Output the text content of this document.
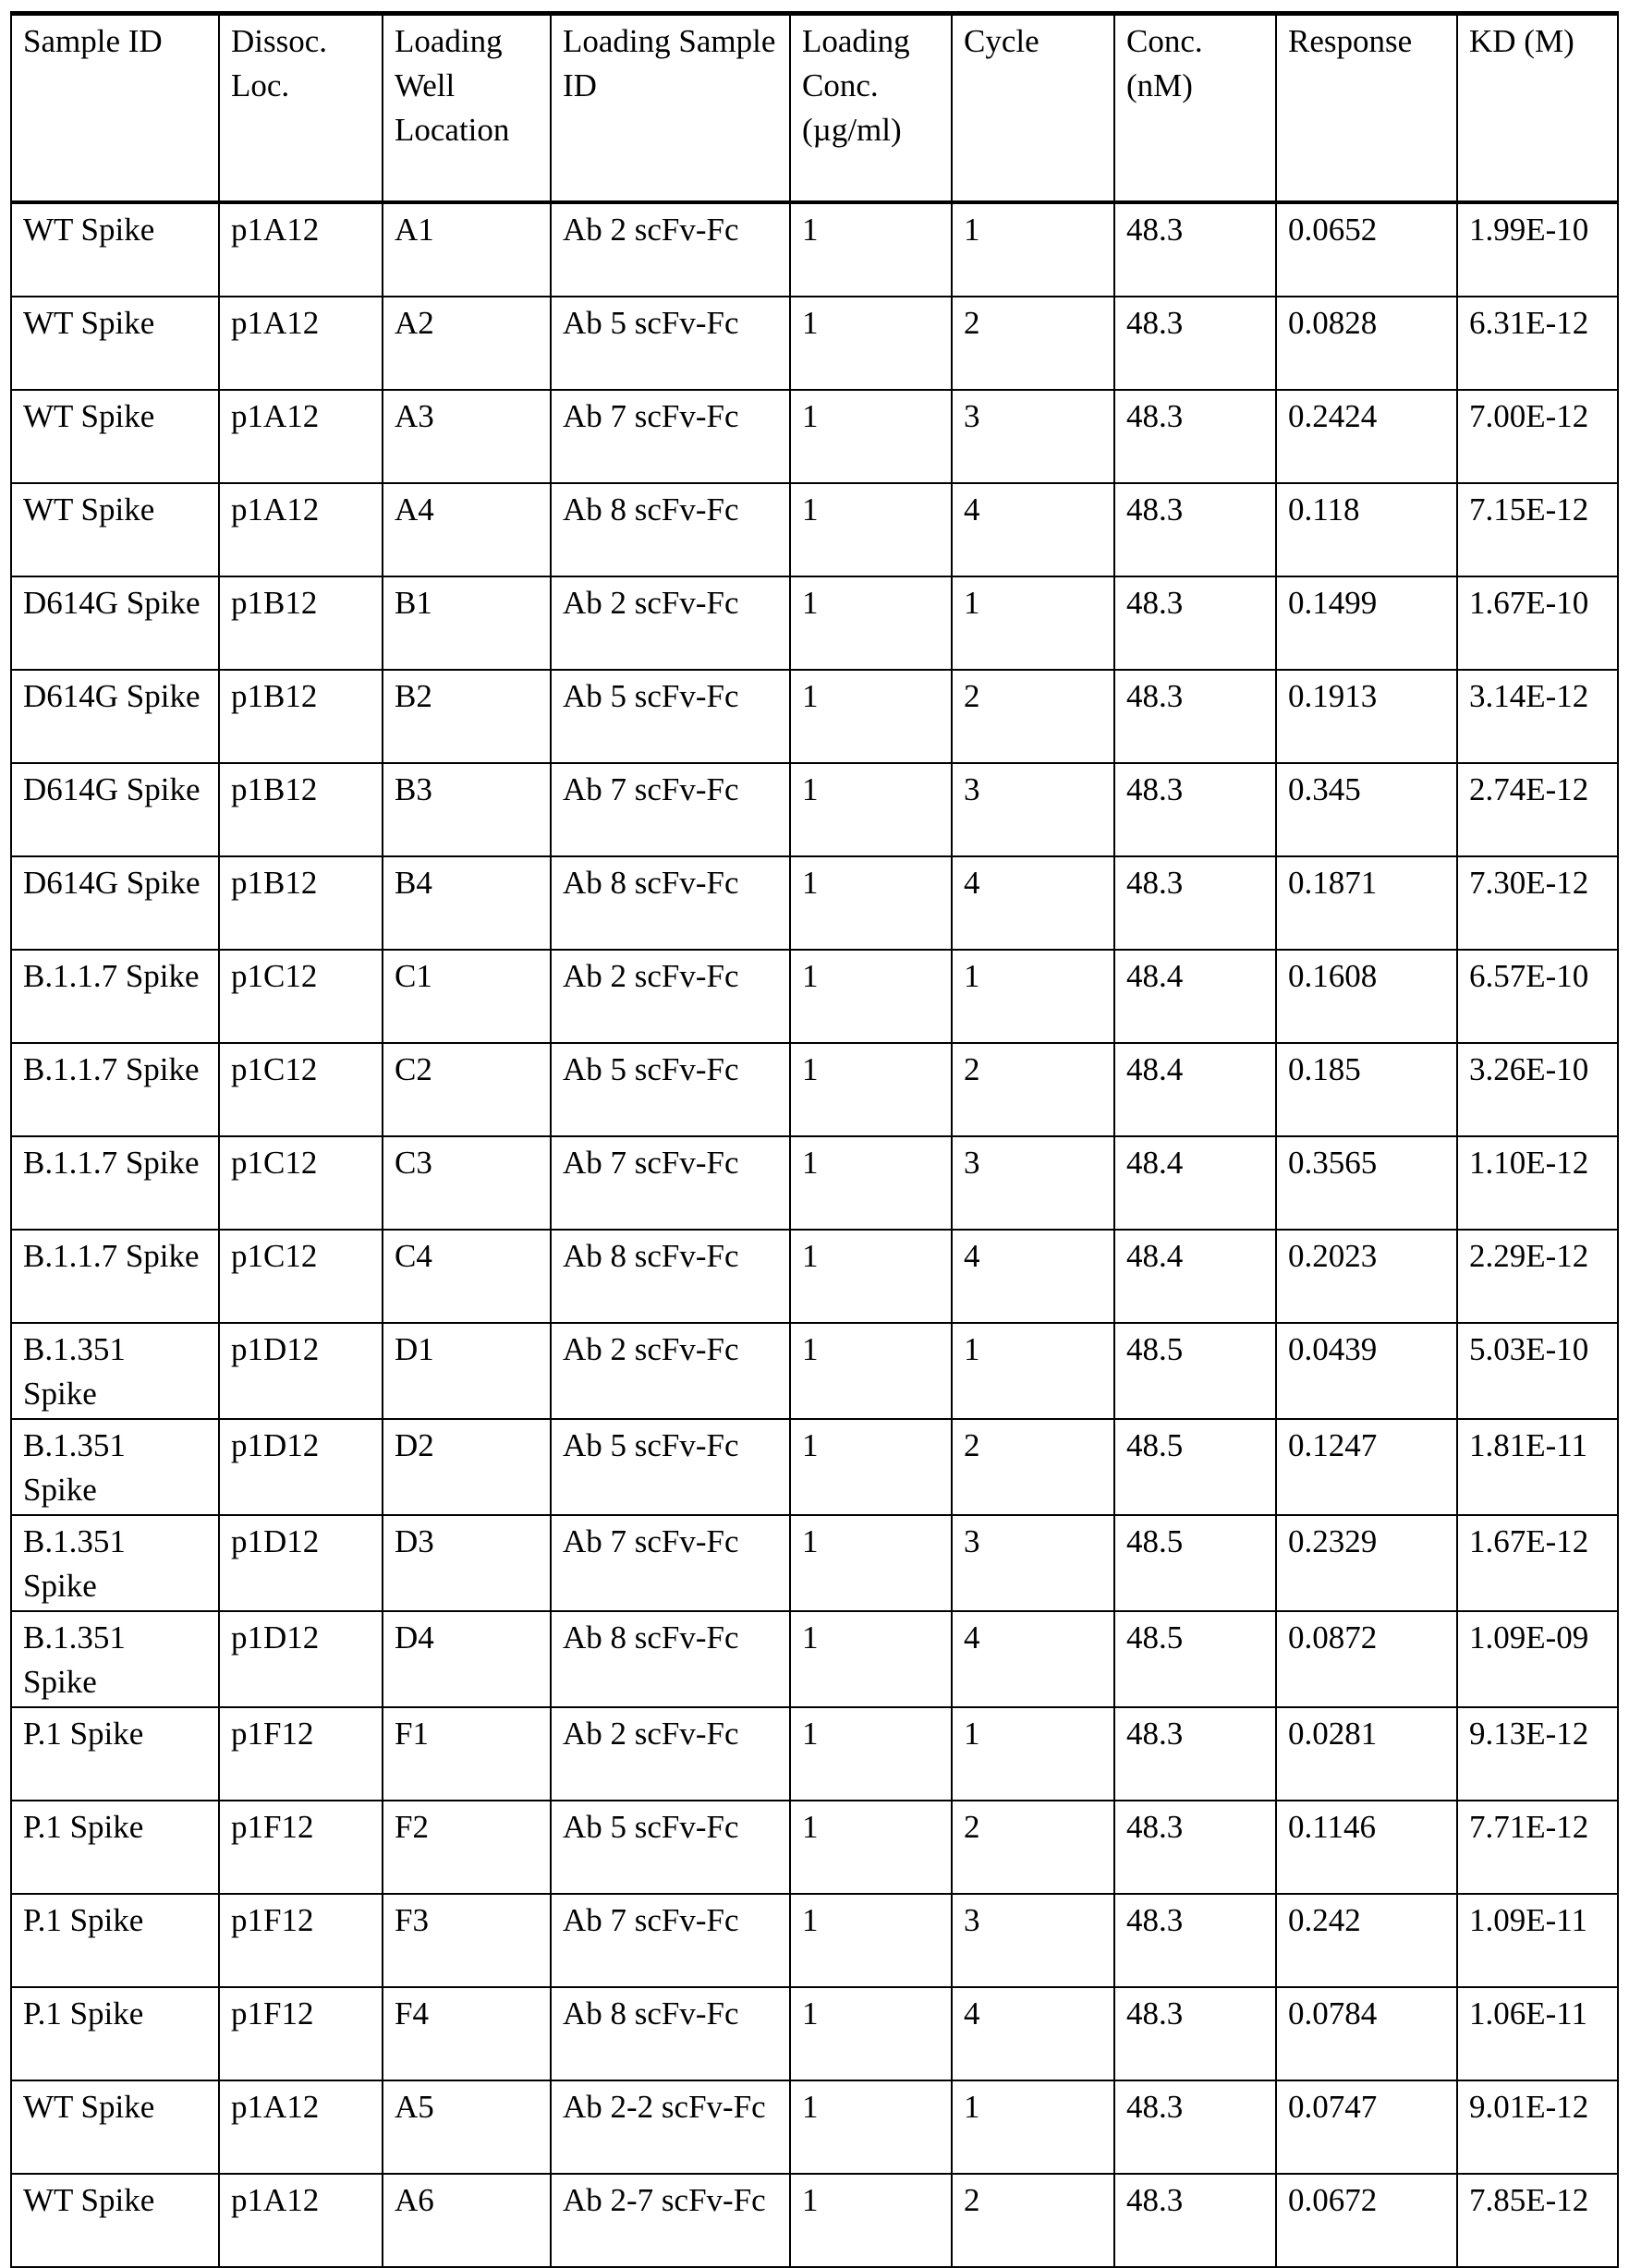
Sample ID	Dissoc. Loc.	Loading Well Location	Loading Sample ID	Loading Conc. (µg/ml)	Cycle	Conc. (nM)	Response	KD (M)
WT Spike	p1A12	A1	Ab 2 scFv-Fc	1	1	48.3	0.0652	1.99E-10
WT Spike	p1A12	A2	Ab 5 scFv-Fc	1	2	48.3	0.0828	6.31E-12
WT Spike	p1A12	A3	Ab 7 scFv-Fc	1	3	48.3	0.2424	7.00E-12
WT Spike	p1A12	A4	Ab 8 scFv-Fc	1	4	48.3	0.118	7.15E-12
D614G Spike	p1B12	B1	Ab 2 scFv-Fc	1	1	48.3	0.1499	1.67E-10
D614G Spike	p1B12	B2	Ab 5 scFv-Fc	1	2	48.3	0.1913	3.14E-12
D614G Spike	p1B12	B3	Ab 7 scFv-Fc	1	3	48.3	0.345	2.74E-12
D614G Spike	p1B12	B4	Ab 8 scFv-Fc	1	4	48.3	0.1871	7.30E-12
B.1.1.7 Spike	p1C12	C1	Ab 2 scFv-Fc	1	1	48.4	0.1608	6.57E-10
B.1.1.7 Spike	p1C12	C2	Ab 5 scFv-Fc	1	2	48.4	0.185	3.26E-10
B.1.1.7 Spike	p1C12	C3	Ab 7 scFv-Fc	1	3	48.4	0.3565	1.10E-12
B.1.1.7 Spike	p1C12	C4	Ab 8 scFv-Fc	1	4	48.4	0.2023	2.29E-12
B.1.351 Spike	p1D12	D1	Ab 2 scFv-Fc	1	1	48.5	0.0439	5.03E-10
B.1.351 Spike	p1D12	D2	Ab 5 scFv-Fc	1	2	48.5	0.1247	1.81E-11
B.1.351 Spike	p1D12	D3	Ab 7 scFv-Fc	1	3	48.5	0.2329	1.67E-12
B.1.351 Spike	p1D12	D4	Ab 8 scFv-Fc	1	4	48.5	0.0872	1.09E-09
P.1 Spike	p1F12	F1	Ab 2 scFv-Fc	1	1	48.3	0.0281	9.13E-12
P.1 Spike	p1F12	F2	Ab 5 scFv-Fc	1	2	48.3	0.1146	7.71E-12
P.1 Spike	p1F12	F3	Ab 7 scFv-Fc	1	3	48.3	0.242	1.09E-11
P.1 Spike	p1F12	F4	Ab 8 scFv-Fc	1	4	48.3	0.0784	1.06E-11
WT Spike	p1A12	A5	Ab 2-2 scFv-Fc	1	1	48.3	0.0747	9.01E-12
WT Spike	p1A12	A6	Ab 2-7 scFv-Fc	1	2	48.3	0.0672	7.85E-12
